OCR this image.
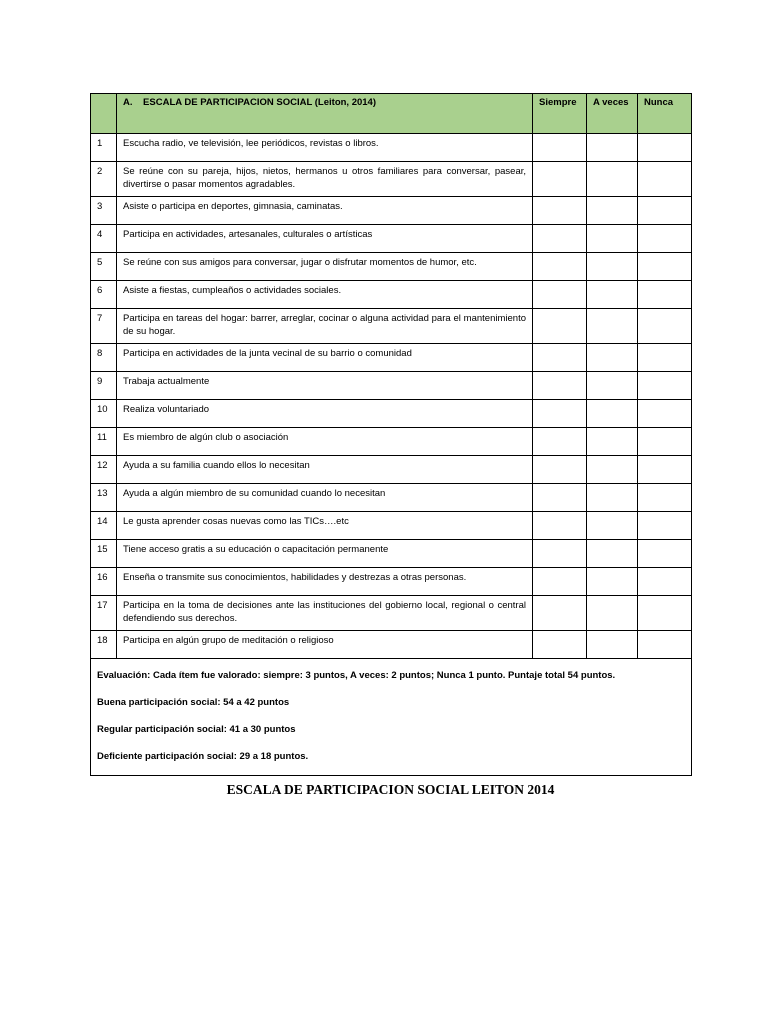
	A.    ESCALA DE PARTICIPACION SOCIAL (Leiton, 2014)	Siempre	A veces	Nunca
1	Escucha radio, ve televisión, lee periódicos, revistas o libros.			
2	Se reúne con su pareja, hijos, nietos, hermanos u otros familiares para conversar, pasear, divertirse o pasar momentos agradables.			
3	Asiste o participa en deportes, gimnasia, caminatas.			
4	Participa en actividades, artesanales, culturales o artísticas			
5	Se reúne con sus amigos para conversar, jugar o disfrutar momentos de humor, etc.			
6	Asiste a fiestas, cumpleaños o actividades sociales.			
7	Participa en tareas del hogar: barrer, arreglar, cocinar o alguna actividad para el mantenimiento de su hogar.			
8	Participa en actividades de la junta vecinal de su barrio o comunidad			
9	Trabaja actualmente			
10	Realiza voluntariado			
11	Es miembro de algún club o asociación			
12	Ayuda a su familia cuando ellos lo necesitan			
13	Ayuda a algún miembro de su comunidad cuando lo necesitan			
14	Le gusta aprender cosas nuevas como las TICs….etc			
15	Tiene acceso gratis a su educación o capacitación permanente			
16	Enseña o transmite sus conocimientos, habilidades y destrezas a otras personas.			
17	Participa en la toma de decisiones ante las instituciones del gobierno local, regional o central defendiendo sus derechos.			
18	Participa en algún grupo de meditación o religioso			

Evaluación: Cada ítem fue valorado: siempre: 3 puntos, A veces: 2 puntos; Nunca 1 punto. Puntaje total 54 puntos.

Buena participación social: 54 a 42 puntos

Regular participación social: 41 a 30 puntos

Deficiente participación social: 29 a 18 puntos.				

ESCALA DE PARTICIPACION SOCIAL LEITON 2014
